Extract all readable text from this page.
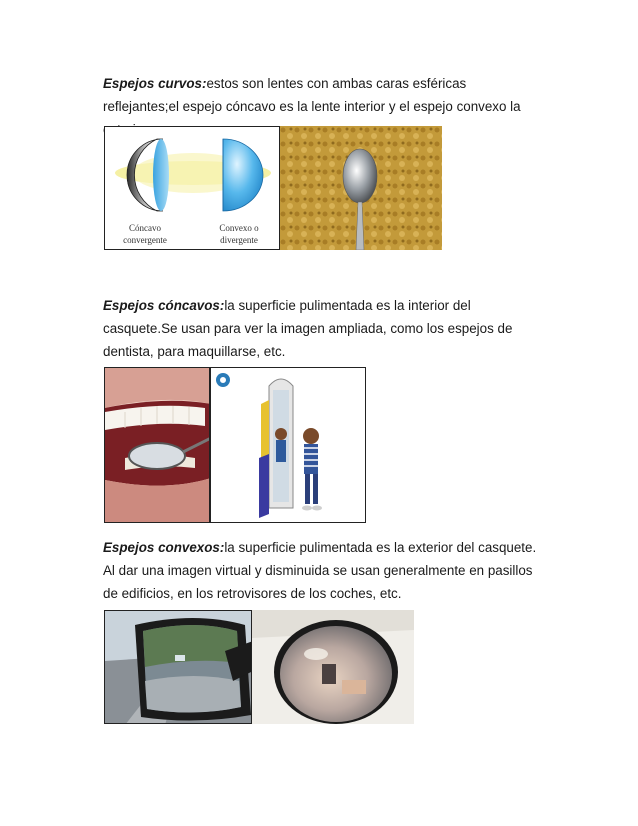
Espejos curvos:estos son lentes con ambas caras esféricas reflejantes;el espejo cóncavo es la lente interior y el espejo convexo la

Cóncavo
convergente
Convexo o
divergente

Espejos cóncavos:la superficie pulimentada es la interior del casquete.Se usan para ver la imagen ampliada, como los espejos de dentista, para maquillarse, etc.

Espejos convexos:la superficie pulimentada es la exterior del casquete. Al dar una imagen virtual y disminuida se usan generalmente en pasillos de edificios, en los retrovisores de los coches, etc.
